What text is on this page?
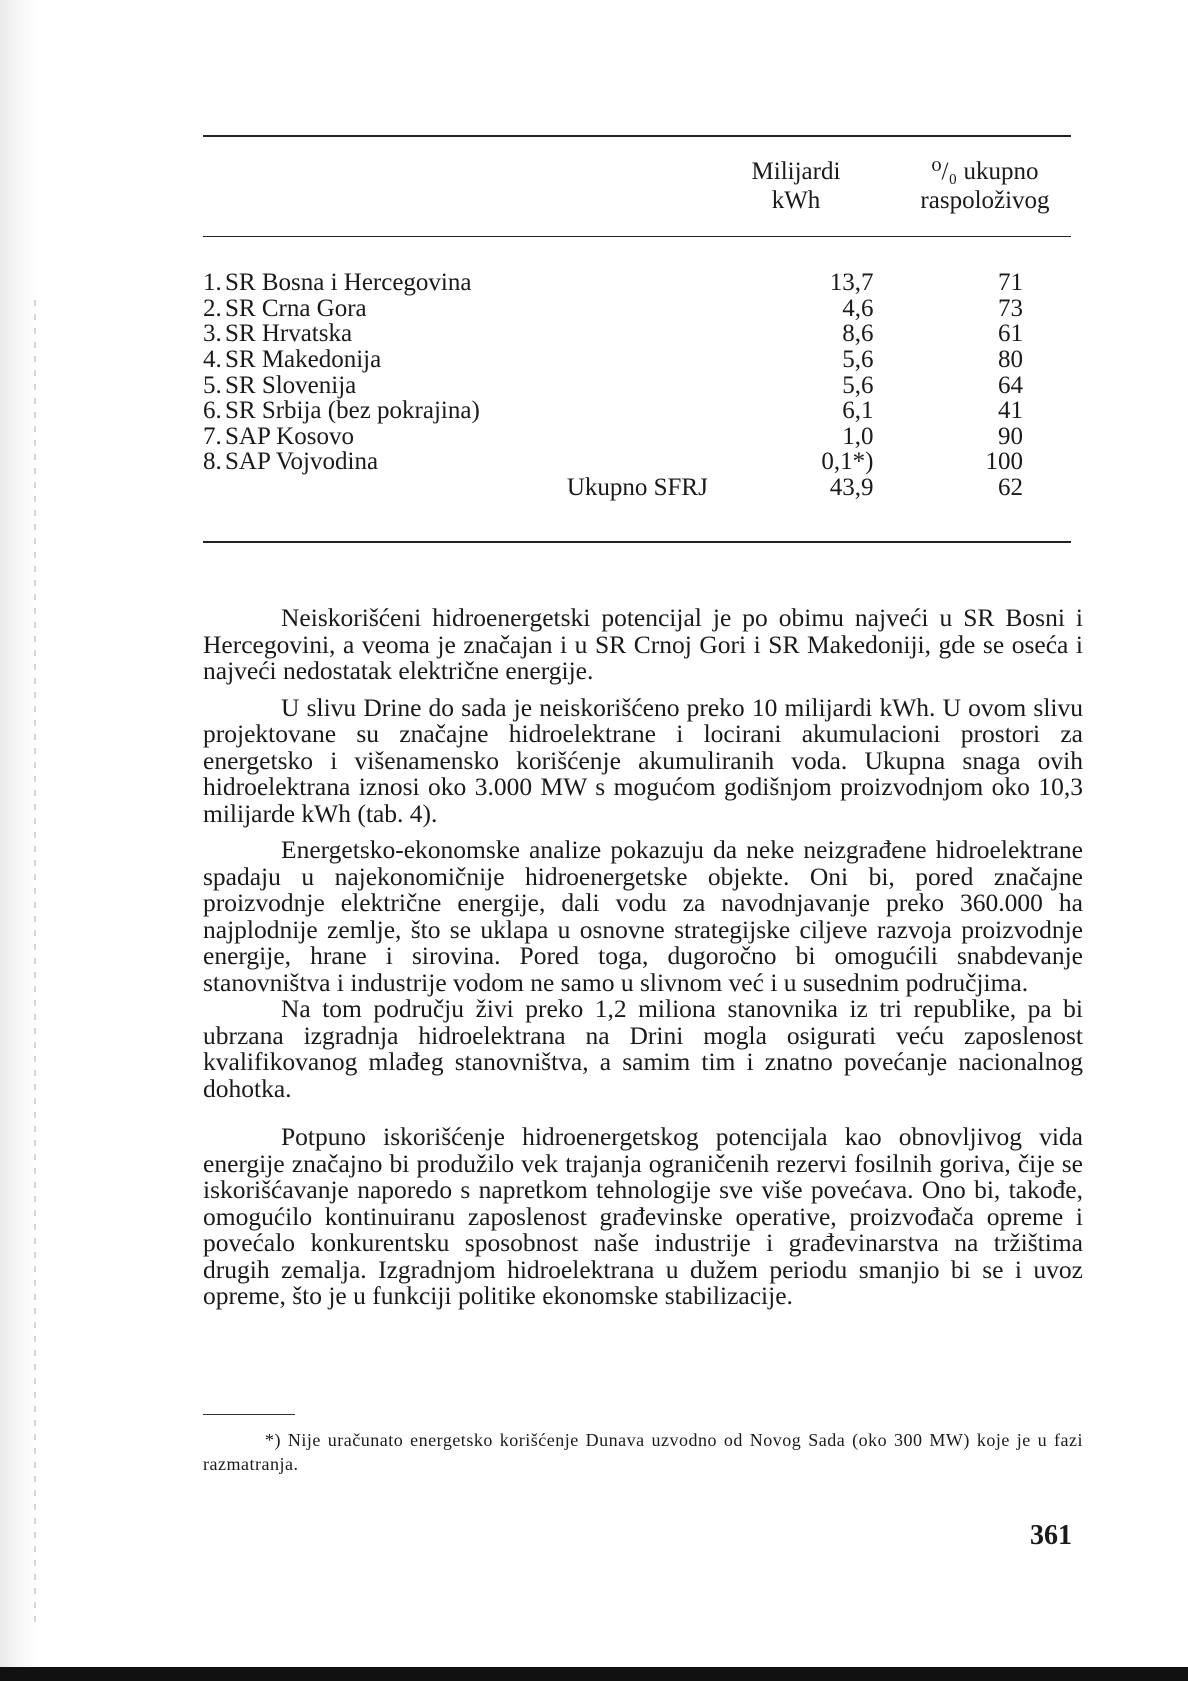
Milijardi
kWh
⁰/₀ ukupno
raspoloživog
1.	SR Bosna i Hercegovina	13,7	71
2.	SR Crna Gora	4,6	73
3.	SR Hrvatska	8,6	61
4.	SR Makedonija	5,6	80
5.	SR Slovenija	5,6	64
6.	SR Srbija (bez pokrajina)	6,1	41
7.	SAP Kosovo	1,0	90
8.	SAP Vojvodina	0,1*)	100
Ukupno SFRJ		43,9	62

Neiskorišćeni hidroenergetski potencijal je po obimu najveći u SR Bosni i Hercegovini, a veoma je značajan i u SR Crnoj Gori i SR Makedoniji, gde se oseća i najveći nedostatak električne energije.

U slivu Drine do sada je neiskorišćeno preko 10 milijardi kWh. U ovom slivu projektovane su značajne hidroelektrane i locirani akumulacioni prostori za energetsko i višenamensko korišćenje akumuliranih voda. Ukupna snaga ovih hidroelektrana iznosi oko 3.000 MW s mogućom godišnjom proizvodnjom oko 10,3 milijarde kWh (tab. 4).

Energetsko-ekonomske analize pokazuju da neke neizgrađene hidroelektrane spadaju u najekonomičnije hidroenergetske objekte. Oni bi, pored značajne proizvodnje električne energije, dali vodu za navodnjavanje preko 360.000 ha najplodnije zemlje, što se uklapa u osnovne strategijske ciljeve razvoja proizvodnje energije, hrane i sirovina. Pored toga, dugoročno bi omogućili snabdevanje stanovništva i industrije vodom ne samo u slivnom već i u susednim područjima.

Na tom području živi preko 1,2 miliona stanovnika iz tri republike, pa bi ubrzana izgradnja hidroelektrana na Drini mogla osigurati veću zaposlenost kvalifikovanog mlađeg stanovništva, a samim tim i znatno povećanje nacionalnog dohotka.

Potpuno iskorišćenje hidroenergetskog potencijala kao obnovljivog vida energije značajno bi produžilo vek trajanja ograničenih rezervi fosilnih goriva, čije se iskorišćavanje naporedo s napretkom tehnologije sve više povećava. Ono bi, takođe, omogućilo kontinuiranu zaposlenost građevinske operative, proizvođača opreme i povećalo konkurentsku sposobnost naše industrije i građevinarstva na tržištima drugih zemalja. Izgradnjom hidroelektrana u dužem periodu smanjio bi se i uvoz opreme, što je u funkciji politike ekonomske stabilizacije.

*) Nije uračunato energetsko korišćenje Dunava uzvodno od Novog Sada (oko 300 MW) koje je u fazi razmatranja.
361
